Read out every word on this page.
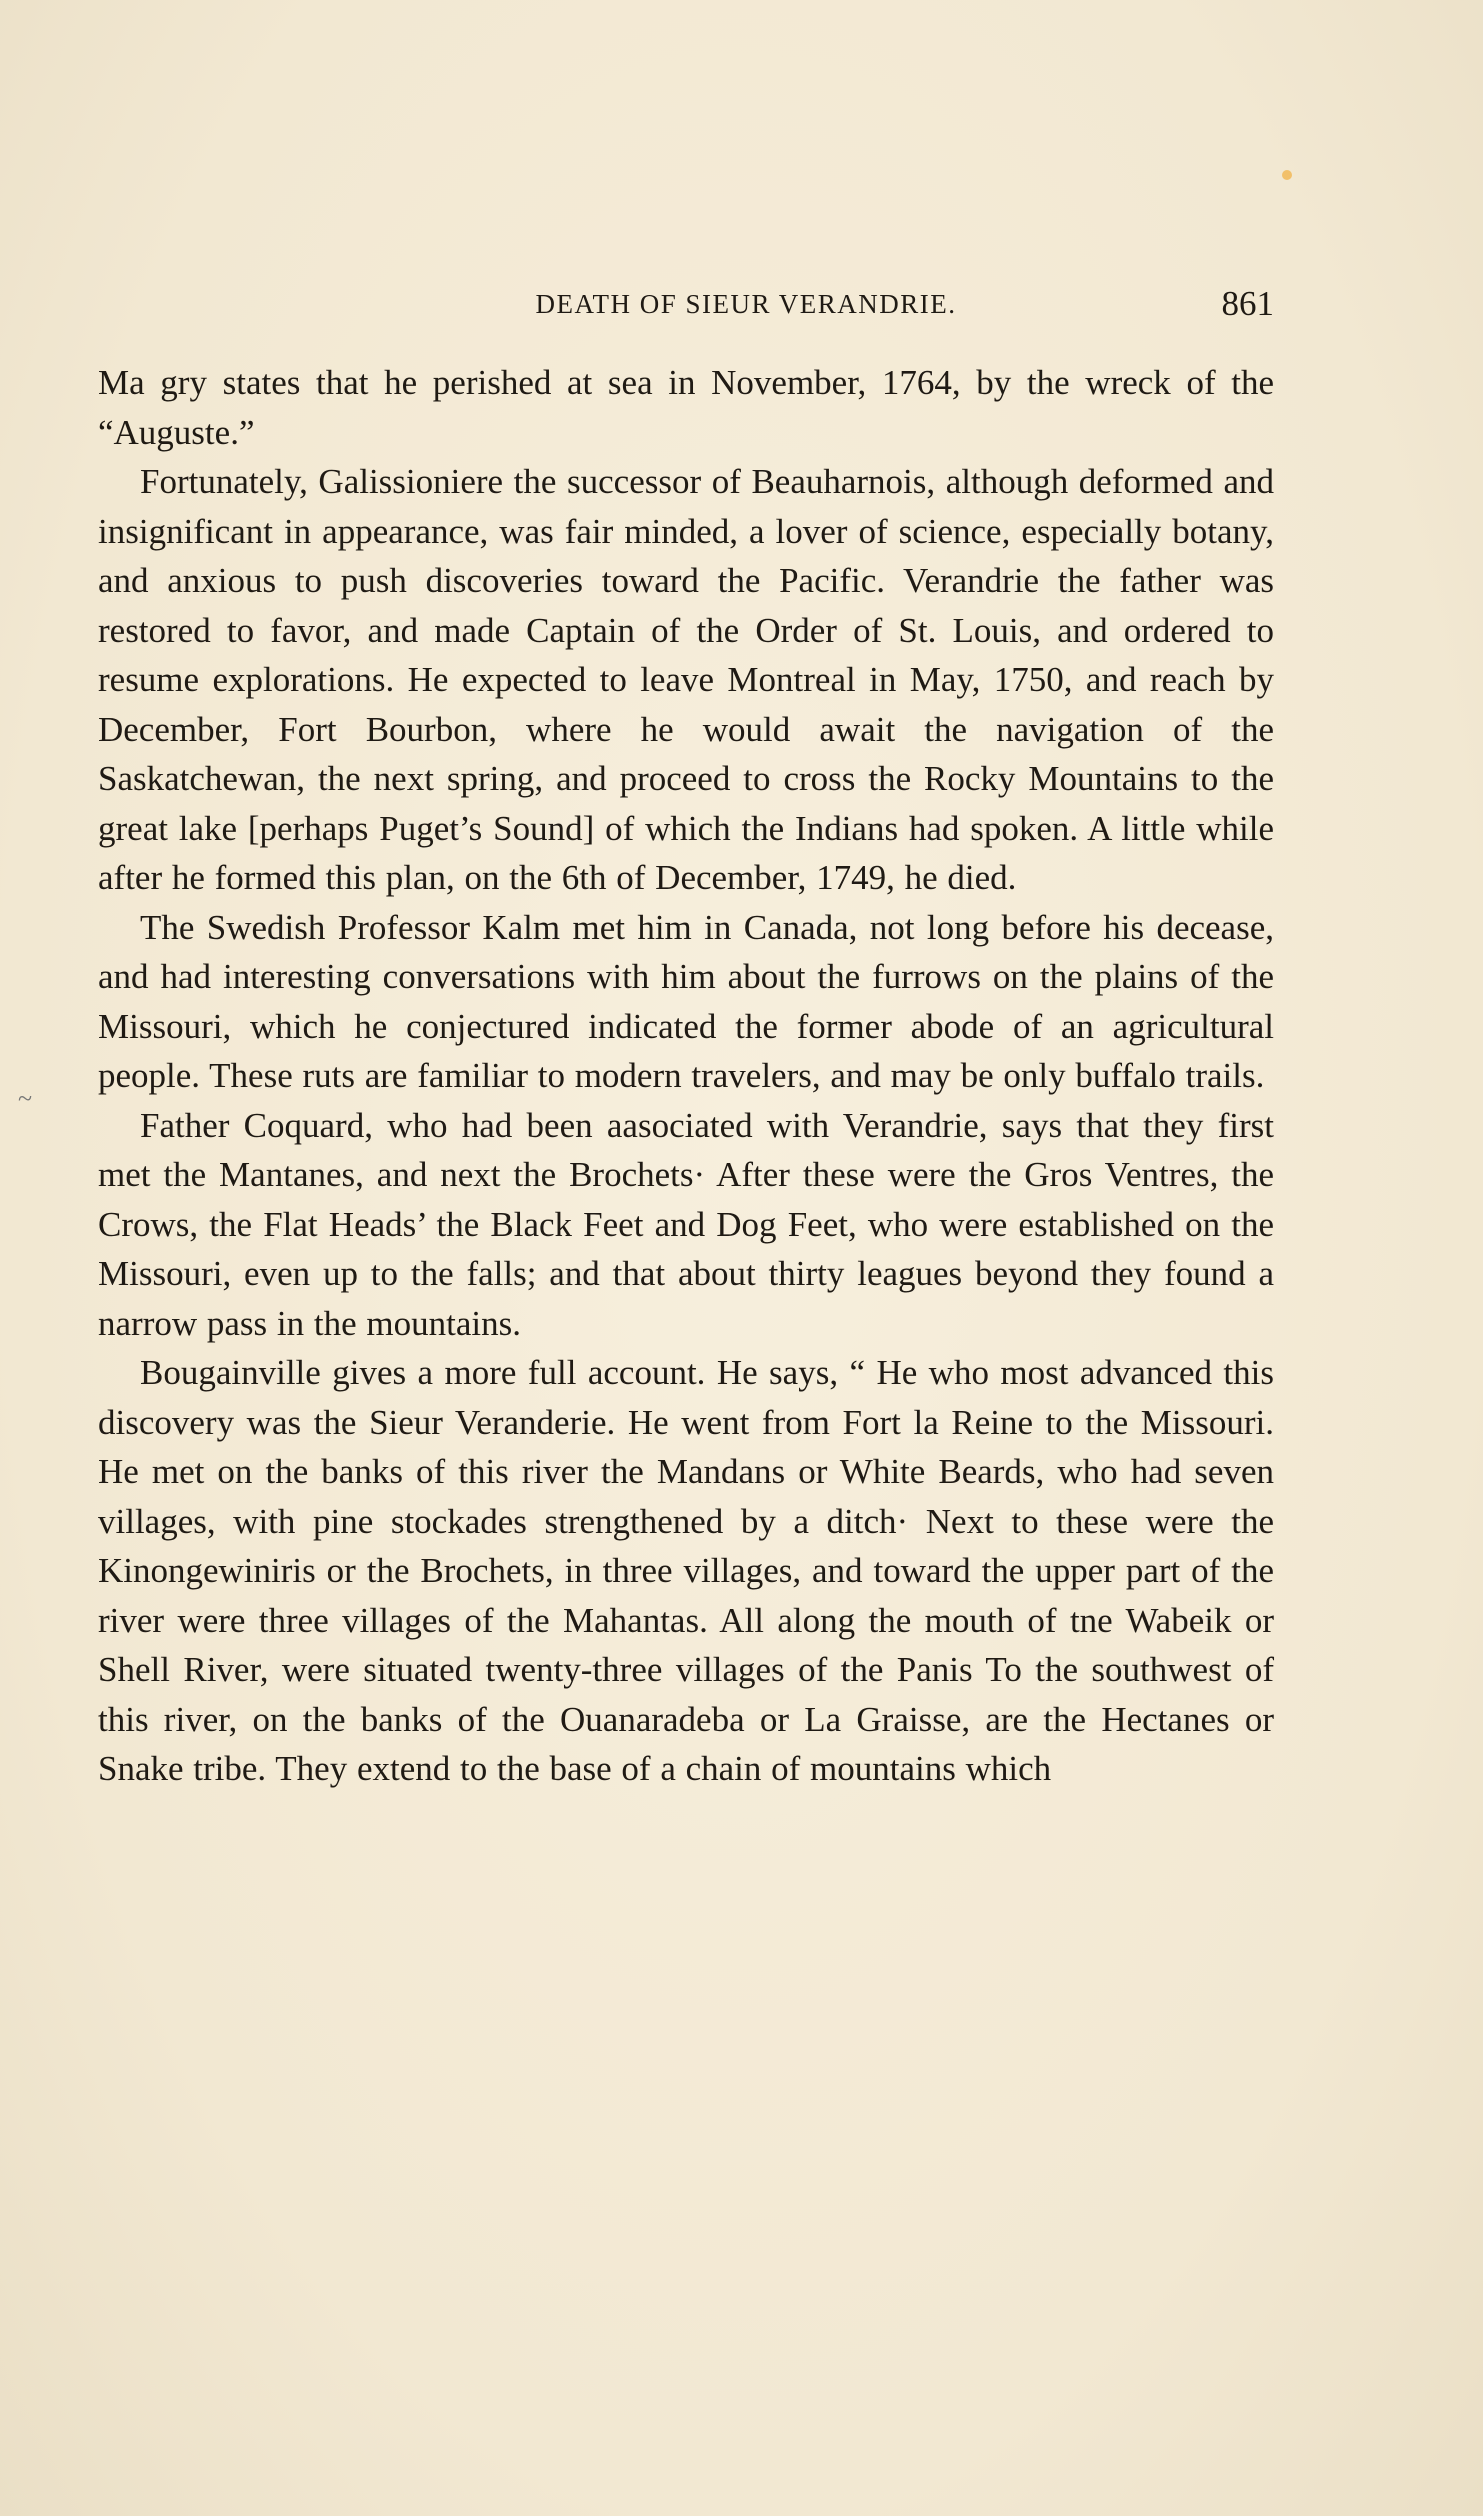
DEATH OF SIEUR VERANDRIE.	861
~

Ma gry states that he perished at sea in November, 1764, by the wreck of the “Auguste.”

Fortunately, Galissioniere the successor of Beauharnois, although deformed and insignificant in appearance, was fair minded, a lover of science, especially botany, and anxious to push discoveries toward the Pacific. Verandrie the father was restored to favor, and made Captain of the Order of St. Louis, and ordered to resume explorations. He expected to leave Montreal in May, 1750, and reach by December, Fort Bourbon, where he would await the navigation of the Saskatchewan, the next spring, and proceed to cross the Rocky Mountains to the great lake [perhaps Puget’s Sound] of which the Indians had spoken. A little while after he formed this plan, on the 6th of December, 1749, he died.

The Swedish Professor Kalm met him in Canada, not long before his decease, and had interesting conversations with him about the furrows on the plains of the Missouri, which he conjectured indicated the former abode of an agricultural people. These ruts are familiar to modern travelers, and may be only buffalo trails.

Father Coquard, who had been aasociated with Verandrie, says that they first met the Mantanes, and next the Brochets· After these were the Gros Ventres, the Crows, the Flat Heads’ the Black Feet and Dog Feet, who were established on the Missouri, even up to the falls; and that about thirty leagues beyond they found a narrow pass in the mountains.

Bougainville gives a more full account. He says, “ He who most advanced this discovery was the Sieur Veranderie. He went from Fort la Reine to the Missouri. He met on the banks of this river the Mandans or White Beards, who had seven villages, with pine stockades strengthened by a ditch· Next to these were the Kinongewiniris or the Brochets, in three villages, and toward the upper part of the river were three villages of the Mahantas. All along the mouth of tne Wabeik or Shell River, were situated twenty-three villages of the Panis To the southwest of this river, on the banks of the Ouanaradeba or La Graisse, are the Hectanes or Snake tribe. They extend to the base of a chain of mountains which
